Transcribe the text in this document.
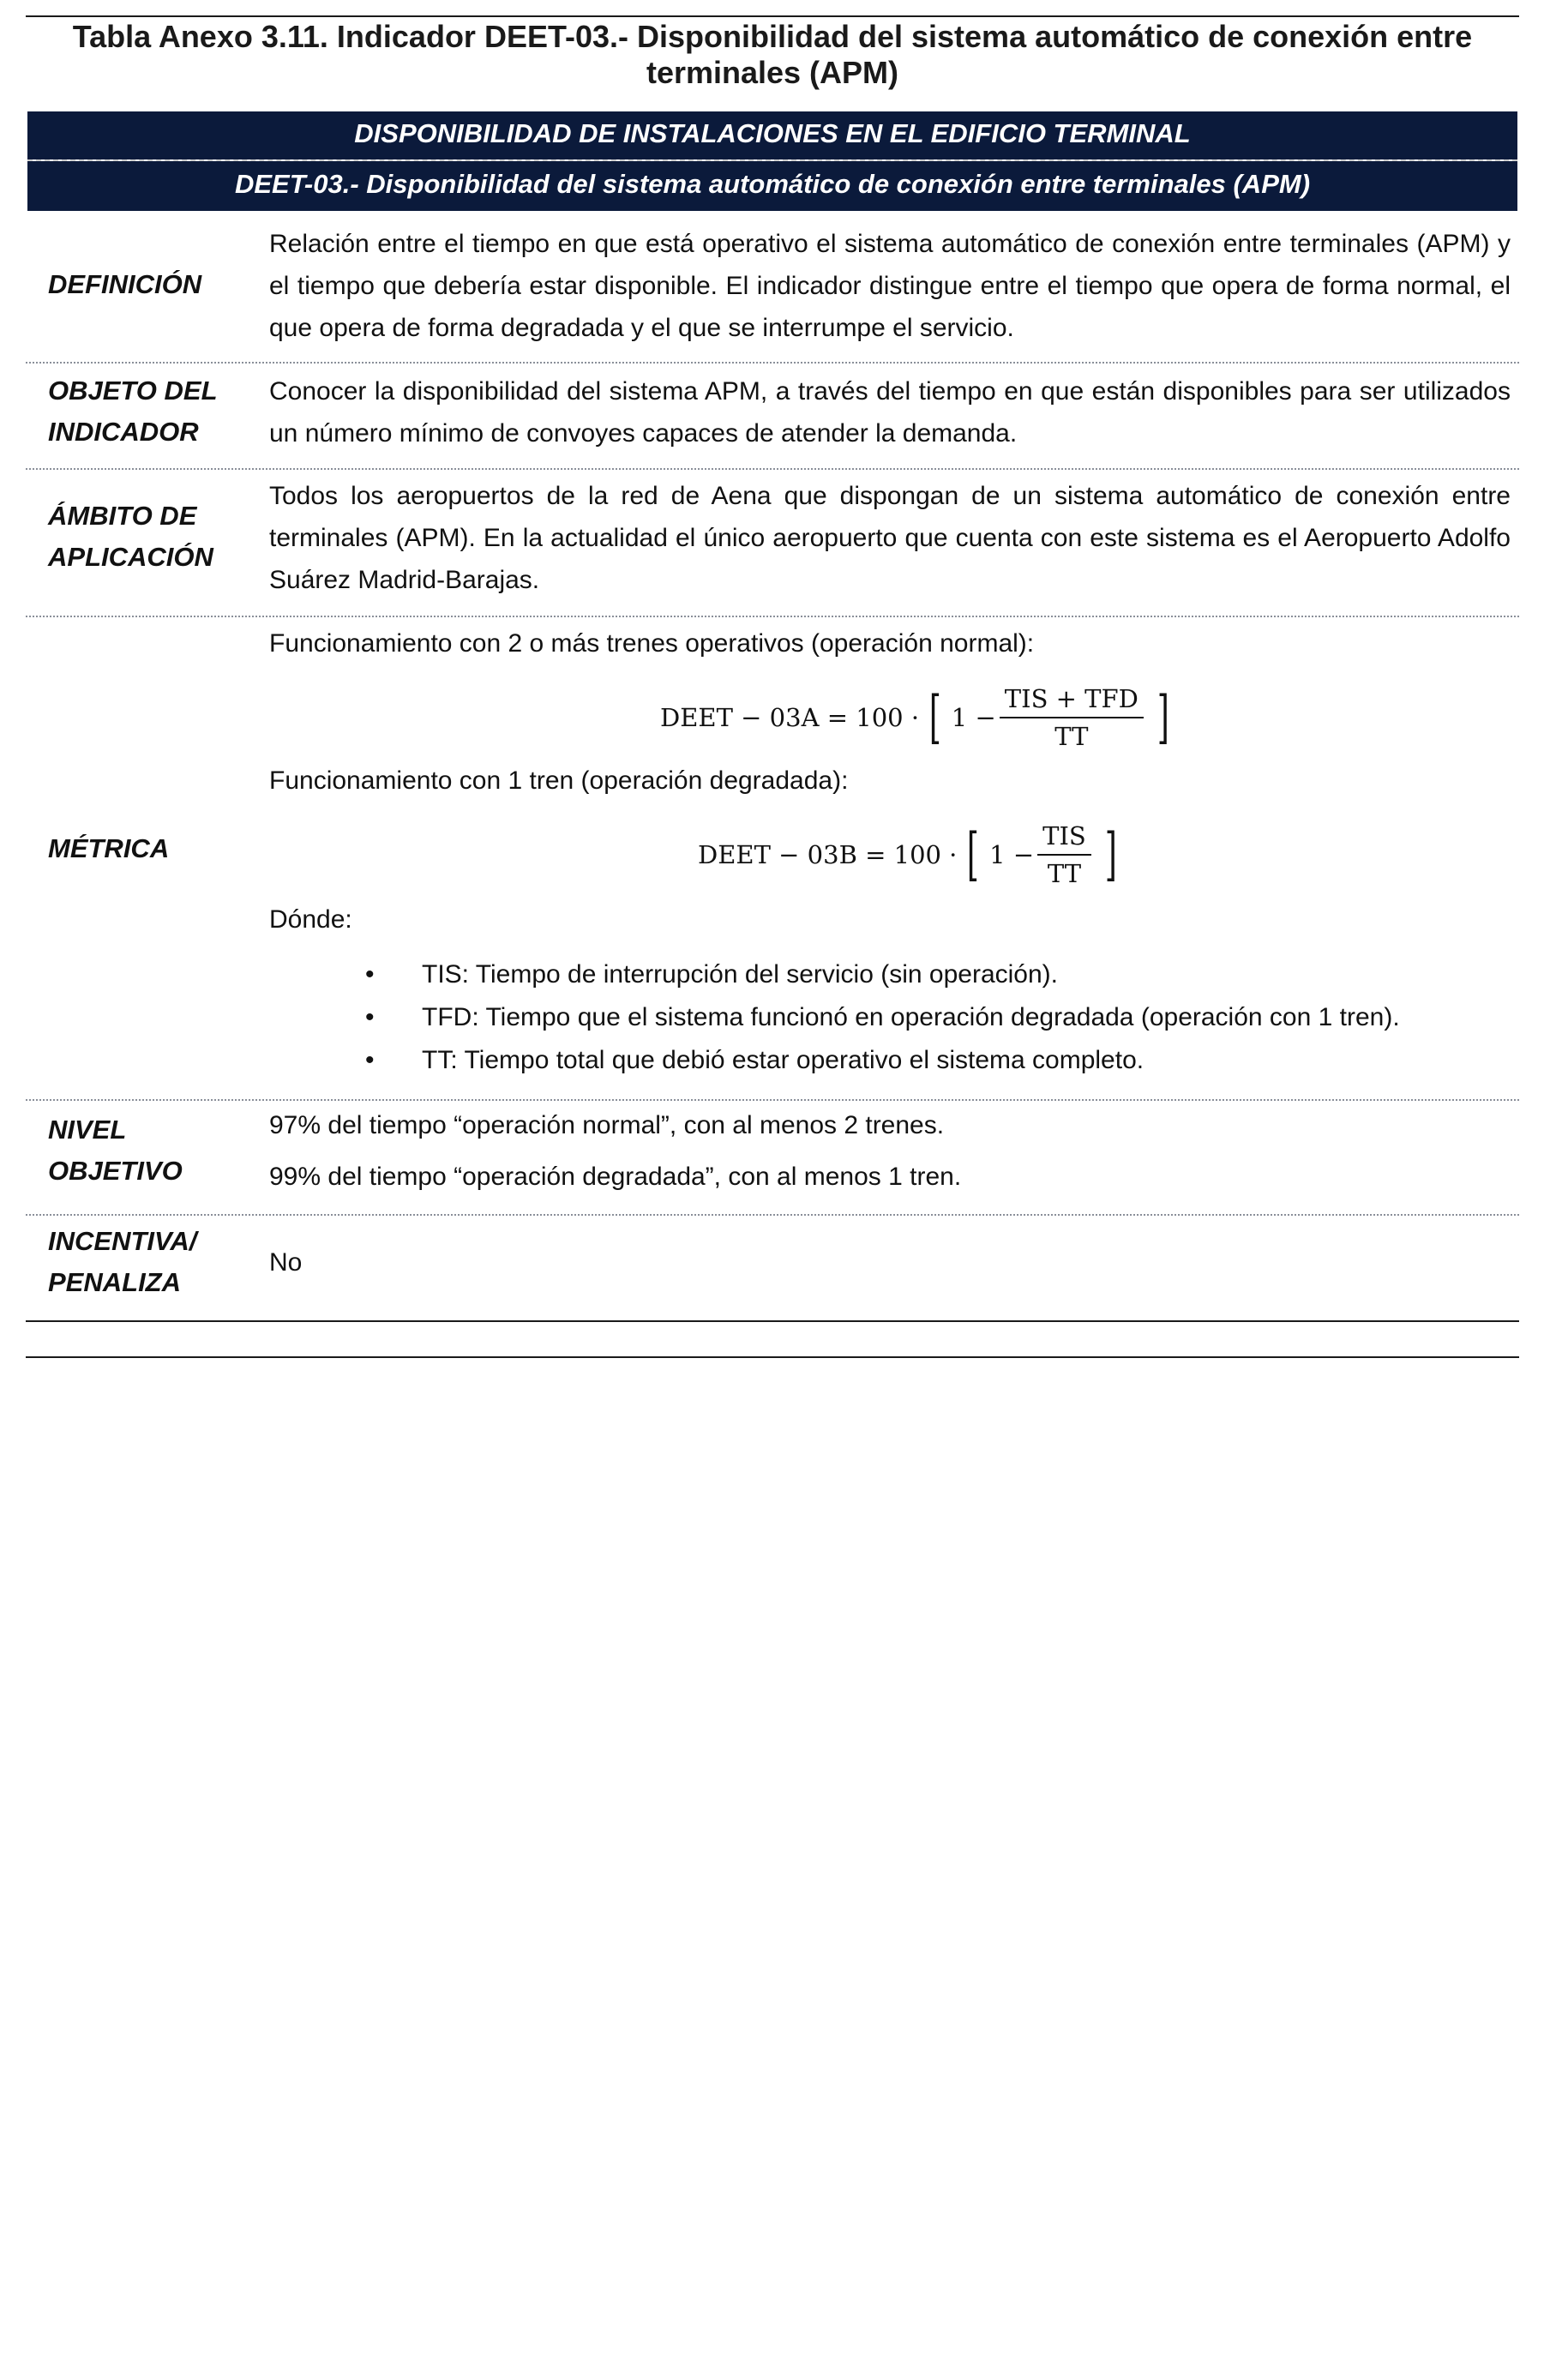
Tabla Anexo 3.11. Indicador DEET-03.- Disponibilidad del sistema automático de conexión entre
terminales (APM)
DISPONIBILIDAD DE INSTALACIONES EN EL EDIFICIO TERMINAL
DEET-03.- Disponibilidad del sistema automático de conexión entre terminales (APM)
DEFINICIÓN
Relación entre el tiempo en que está operativo el sistema automático de conexión entre terminales (APM) y el tiempo que debería estar disponible. El indicador distingue entre el tiempo que opera de forma normal, el que opera de forma degradada y el que se interrumpe el servicio.
OBJETO DEL
INDICADOR
Conocer la disponibilidad del sistema APM, a través del tiempo en que están disponibles para ser utilizados un número mínimo de convoyes capaces de atender la demanda.
ÁMBITO DE
APLICACIÓN
Todos los aeropuertos de la red de Aena que dispongan de un sistema automático de conexión entre terminales (APM). En la actualidad el único aeropuerto que cuenta con este sistema es el Aeropuerto Adolfo Suárez Madrid-Barajas.
MÉTRICA
Funcionamiento con 2 o más trenes operativos (operación normal):
DEET − 03A = 100 · [ $1 - \frac{\text{TIS + TFD}}{TT}$ ]
Funcionamiento con 1 tren (operación degradada):
DEET − 03B = 100 · [ $1 - \frac{\text{TIS}}{TT}$ ]
Dónde:
• TIS: Tiempo de interrupción del servicio (sin operación).
• TFD: Tiempo que el sistema funcionó en operación degradada (operación con 1 tren).
• TT: Tiempo total que debió estar operativo el sistema completo.
NIVEL
OBJETIVO
97% del tiempo “operación normal”, con al menos 2 trenes.
99% del tiempo “operación degradada”, con al menos 1 tren.
INCENTIVA/
PENALIZA
No
